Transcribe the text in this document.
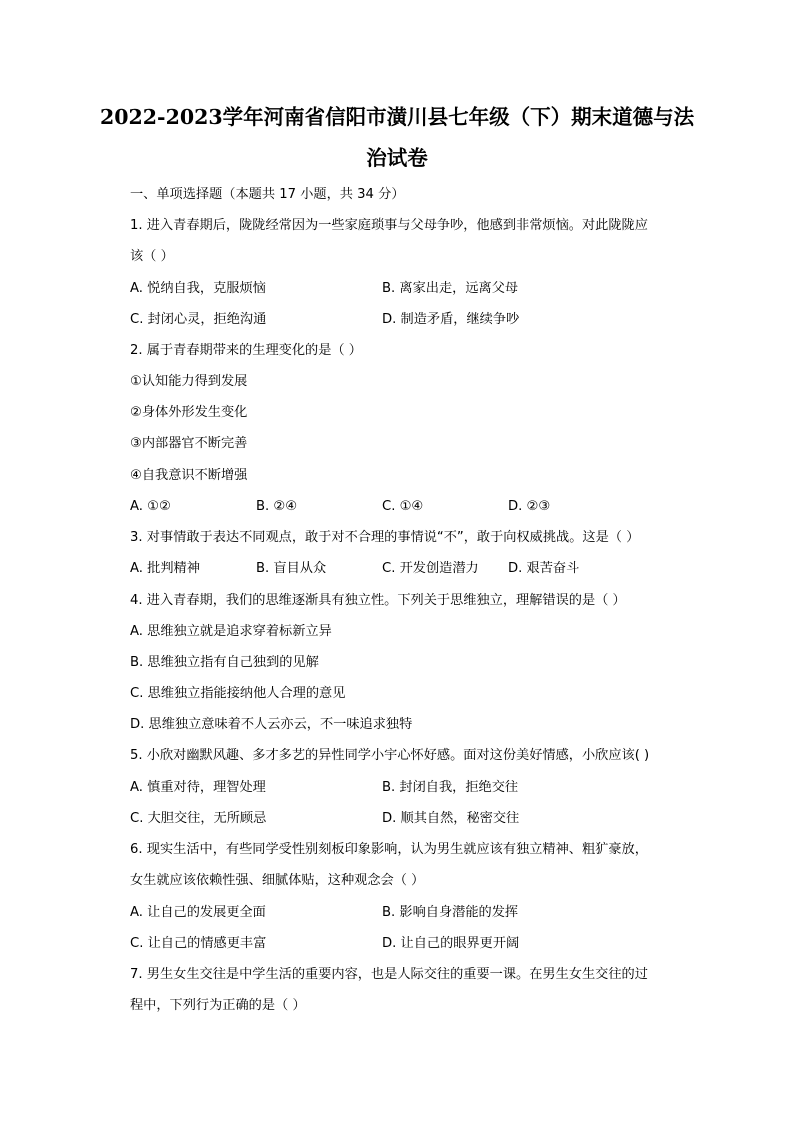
2022-2023学年河南省信阳市潢川县七年级（下）期末道德与法
治试卷
一、单项选择题（本题共 17 小题，共 34 分）
1. 进入青春期后，陇陇经常因为一些家庭琐事与父母争吵，他感到非常烦恼。对此陇陇应
该（ ）
A. 悦纳自我，克服烦恼	B. 离家出走，远离父母
C. 封闭心灵，拒绝沟通	D. 制造矛盾，继续争吵
2. 属于青春期带来的生理变化的是（ ）
①认知能力得到发展
②身体外形发生变化
③内部器官不断完善
④自我意识不断增强
A. ①②	B. ②④	C. ①④	D. ②③
3. 对事情敢于表达不同观点，敢于对不合理的事情说“不”，敢于向权威挑战。这是（ ）
A. 批判精神	B. 盲目从众	C. 开发创造潜力 D. 艰苦奋斗
4. 进入青春期，我们的思维逐渐具有独立性。下列关于思维独立，理解错误的是（ ）
A. 思维独立就是追求穿着标新立异
B. 思维独立指有自己独到的见解
C. 思维独立指能接纳他人合理的意见
D. 思维独立意味着不人云亦云，不一味追求独特
5. 小欣对幽默风趣、多才多艺的异性同学小宇心怀好感。面对这份美好情感，小欣应该( )
A. 慎重对待，理智处理	B. 封闭自我，拒绝交往
C. 大胆交往，无所顾忌	D. 顺其自然，秘密交往
6. 现实生活中，有些同学受性别刻板印象影响，认为男生就应该有独立精神、粗犷豪放，
女生就应该依赖性强、细腻体贴，这种观念会（ ）
A. 让自己的发展更全面	B. 影响自身潜能的发挥
C. 让自己的情感更丰富	D. 让自己的眼界更开阔
7. 男生女生交往是中学生活的重要内容，也是人际交往的重要一课。在男生女生交往的过
程中，下列行为正确的是（ ）
